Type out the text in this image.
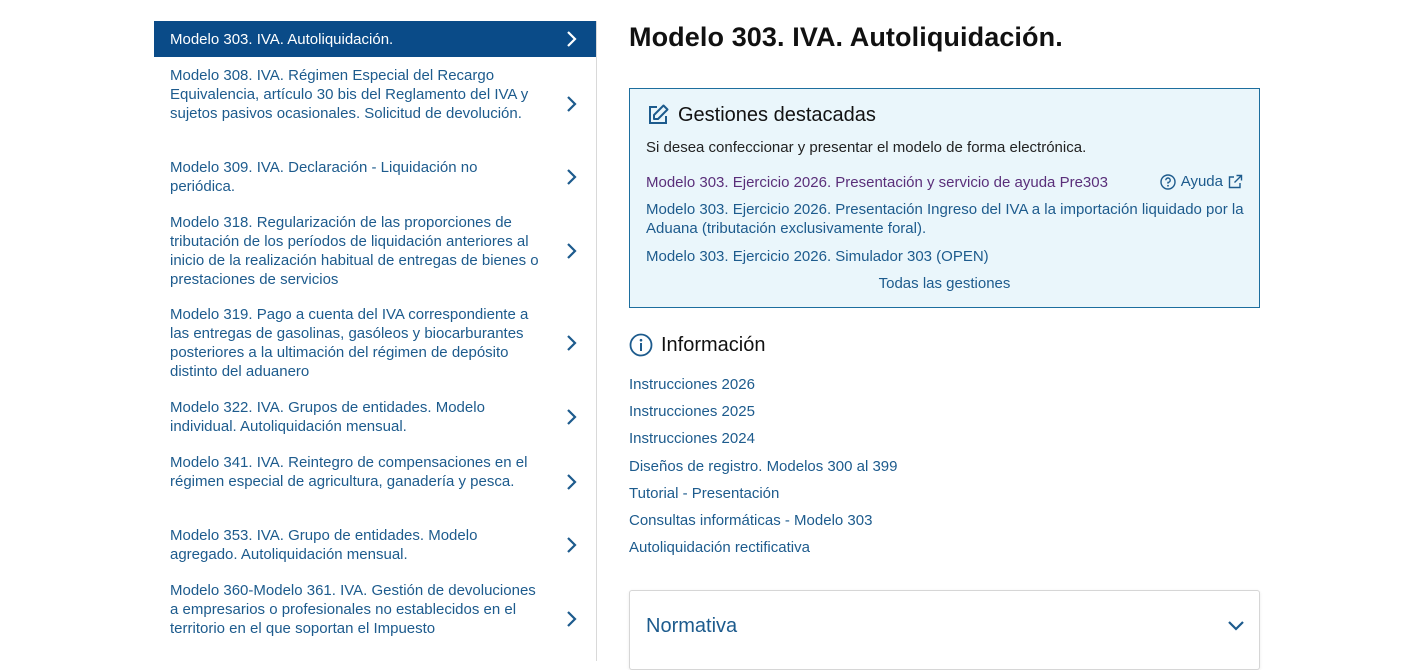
Modelo 303. IVA. Autoliquidación.
Modelo 308. IVA. Régimen Especial del Recargo Equivalencia, artículo 30 bis del Reglamento del IVA y sujetos pasivos ocasionales. Solicitud de devolución.
Modelo 309. IVA. Declaración - Liquidación no periódica.
Modelo 318. Regularización de las proporciones de tributación de los períodos de liquidación anteriores al inicio de la realización habitual de entregas de bienes o prestaciones de servicios
Modelo 319. Pago a cuenta del IVA correspondiente a las entregas de gasolinas, gasóleos y biocarburantes posteriores a la ultimación del régimen de depósito distinto del aduanero
Modelo 322. IVA. Grupos de entidades. Modelo individual. Autoliquidación mensual.
Modelo 341. IVA. Reintegro de compensaciones en el régimen especial de agricultura, ganadería y pesca.
Modelo 353. IVA. Grupo de entidades. Modelo agregado. Autoliquidación mensual.
Modelo 360-Modelo 361. IVA. Gestión de devoluciones a empresarios o profesionales no establecidos en el territorio en el que soportan el Impuesto
Modelo 303. IVA. Autoliquidación.
Gestiones destacadas
Si desea confeccionar y presentar el modelo de forma electrónica.
Modelo 303. Ejercicio 2026. Presentación y servicio de ayuda Pre303	Ayuda
Modelo 303. Ejercicio 2026. Presentación Ingreso del IVA a la importación liquidado por la Aduana (tributación exclusivamente foral).
Modelo 303. Ejercicio 2026. Simulador 303 (OPEN)
Todas las gestiones
Información
Instrucciones 2026
Instrucciones 2025
Instrucciones 2024
Diseños de registro. Modelos 300 al 399
Tutorial - Presentación
Consultas informáticas - Modelo 303
Autoliquidación rectificativa
Normativa
